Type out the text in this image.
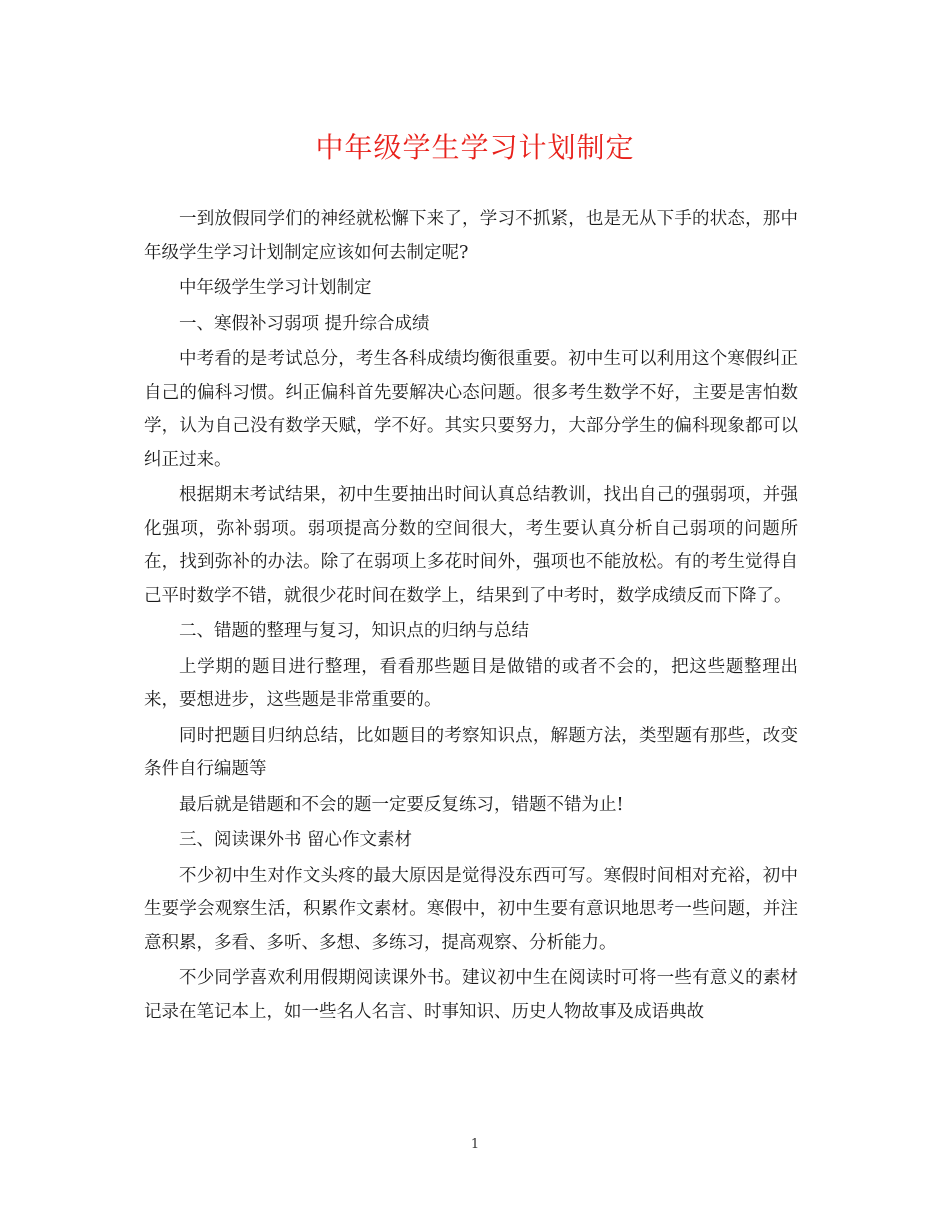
中年级学生学习计划制定

一到放假同学们的神经就松懈下来了，学习不抓紧，也是无从下手的状态，那中年级学生学习计划制定应该如何去制定呢?

中年级学生学习计划制定

一、寒假补习弱项 提升综合成绩

中考看的是考试总分，考生各科成绩均衡很重要。初中生可以利用这个寒假纠正自己的偏科习惯。纠正偏科首先要解决心态问题。很多考生数学不好，主要是害怕数学，认为自己没有数学天赋，学不好。其实只要努力，大部分学生的偏科现象都可以纠正过来。

根据期末考试结果，初中生要抽出时间认真总结教训，找出自己的强弱项，并强化强项，弥补弱项。弱项提高分数的空间很大，考生要认真分析自己弱项的问题所在，找到弥补的办法。除了在弱项上多花时间外，强项也不能放松。有的考生觉得自己平时数学不错，就很少花时间在数学上，结果到了中考时，数学成绩反而下降了。

二、错题的整理与复习，知识点的归纳与总结

上学期的题目进行整理，看看那些题目是做错的或者不会的，把这些题整理出来，要想进步，这些题是非常重要的。

同时把题目归纳总结，比如题目的考察知识点，解题方法，类型题有那些，改变条件自行编题等

最后就是错题和不会的题一定要反复练习，错题不错为止!

三、阅读课外书 留心作文素材

不少初中生对作文头疼的最大原因是觉得没东西可写。寒假时间相对充裕，初中生要学会观察生活，积累作文素材。寒假中，初中生要有意识地思考一些问题，并注意积累，多看、多听、多想、多练习，提高观察、分析能力。

不少同学喜欢利用假期阅读课外书。建议初中生在阅读时可将一些有意义的素材记录在笔记本上，如一些名人名言、时事知识、历史人物故事及成语典故

1
